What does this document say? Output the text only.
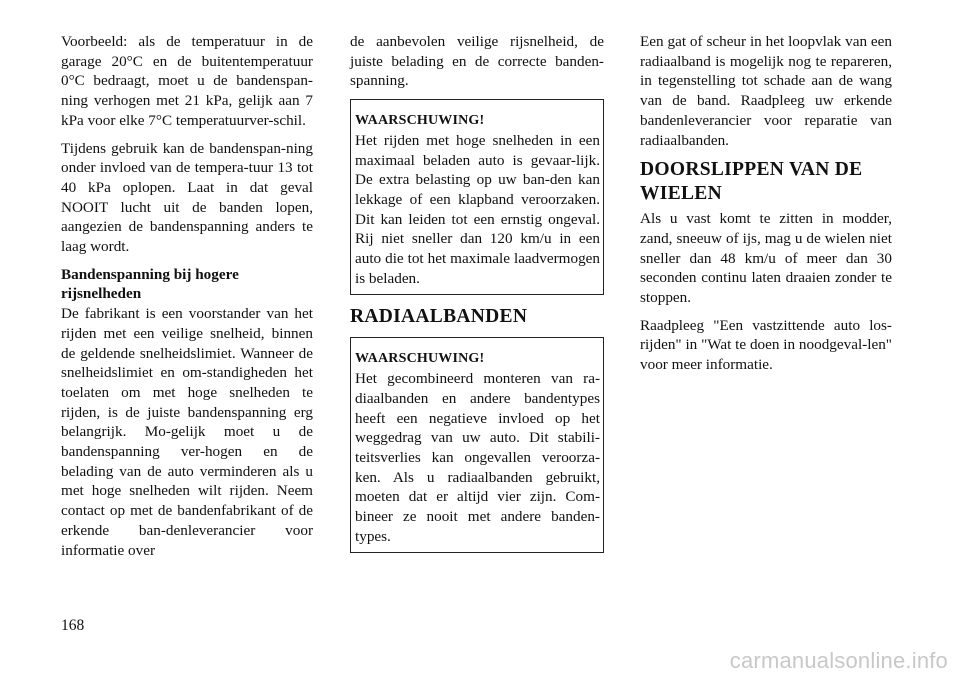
Voorbeeld: als de temperatuur in de garage 20°C en de buitentemperatuur 0°C bedraagt, moet u de bandenspan-ning verhogen met 21 kPa, gelijk aan 7 kPa voor elke 7°C temperatuurver-schil.

Tijdens gebruik kan de bandenspan-ning onder invloed van de tempera-tuur 13 tot 40 kPa oplopen. Laat in dat geval NOOIT lucht uit de banden lopen, aangezien de bandenspanning anders te laag wordt.

Bandenspanning bij hogere rijsnelheden

De fabrikant is een voorstander van het rijden met een veilige snelheid, binnen de geldende snelheidslimiet. Wanneer de snelheidslimiet en om-standigheden het toelaten om met hoge snelheden te rijden, is de juiste bandenspanning erg belangrijk. Mo-gelijk moet u de bandenspanning ver-hogen en de belading van de auto verminderen als u met hoge snelheden wilt rijden. Neem contact op met de bandenfabrikant of de erkende ban-denleverancier voor informatie over

de aanbevolen veilige rijsnelheid, de juiste belading en de correcte banden-spanning.

WAARSCHUWING!
Het rijden met hoge snelheden in een maximaal beladen auto is gevaar-lijk. De extra belasting op uw ban-den kan lekkage of een klapband veroorzaken. Dit kan leiden tot een ernstig ongeval. Rij niet sneller dan 120 km/u in een auto die tot het maximale laadvermogen is beladen.
RADIAALBANDEN
WAARSCHUWING!
Het gecombineerd monteren van ra-diaalbanden en andere bandentypes heeft een negatieve invloed op het weggedrag van uw auto. Dit stabili-teitsverlies kan ongevallen veroorza-ken. Als u radiaalbanden gebruikt, moeten dat er altijd vier zijn. Com-bineer ze nooit met andere banden-types.

Een gat of scheur in het loopvlak van een radiaalband is mogelijk nog te repareren, in tegenstelling tot schade aan de wang van de band. Raadpleeg uw erkende bandenleverancier voor reparatie van radiaalbanden.

DOORSLIPPEN VAN DE WIELEN

Als u vast komt te zitten in modder, zand, sneeuw of ijs, mag u de wielen niet sneller dan 48 km/u of meer dan 30 seconden continu laten draaien zonder te stoppen.

Raadpleeg "Een vastzittende auto los-rijden" in "Wat te doen in noodgeval-len" voor meer informatie.

168
carmanualsonline.info
